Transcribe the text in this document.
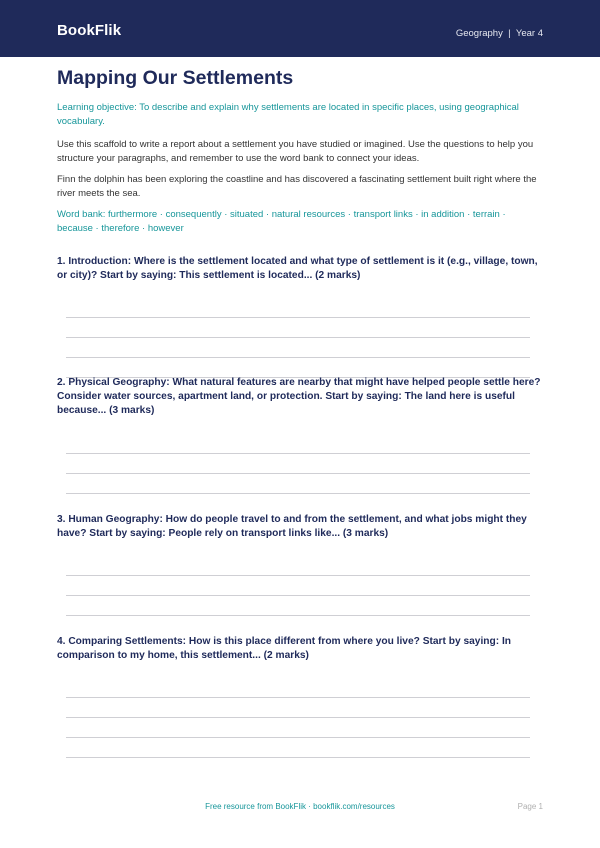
BookFlik	Geography | Year 4
Mapping Our Settlements

Learning objective: To describe and explain why settlements are located in specific places, using geographical vocabulary.

Use this scaffold to write a report about a settlement you have studied or imagined. Use the questions to help you structure your paragraphs, and remember to use the word bank to connect your ideas.

Finn the dolphin has been exploring the coastline and has discovered a fascinating settlement built right where the river meets the sea.

Word bank: furthermore · consequently · situated · natural resources · transport links · in addition · terrain · because · therefore · however

1. Introduction: Where is the settlement located and what type of settlement is it (e.g., village, town, or city)? Start by saying: This settlement is located... (2 marks)

2. Physical Geography: What natural features are nearby that might have helped people settle here? Consider water sources, apartment land, or protection. Start by saying: The land here is useful because... (3 marks)

3. Human Geography: How do people travel to and from the settlement, and what jobs might they have? Start by saying: People rely on transport links like... (3 marks)

4. Comparing Settlements: How is this place different from where you live? Start by saying: In comparison to my home, this settlement... (2 marks)

Free resource from BookFlik · bookflik.com/resources	Page 1
